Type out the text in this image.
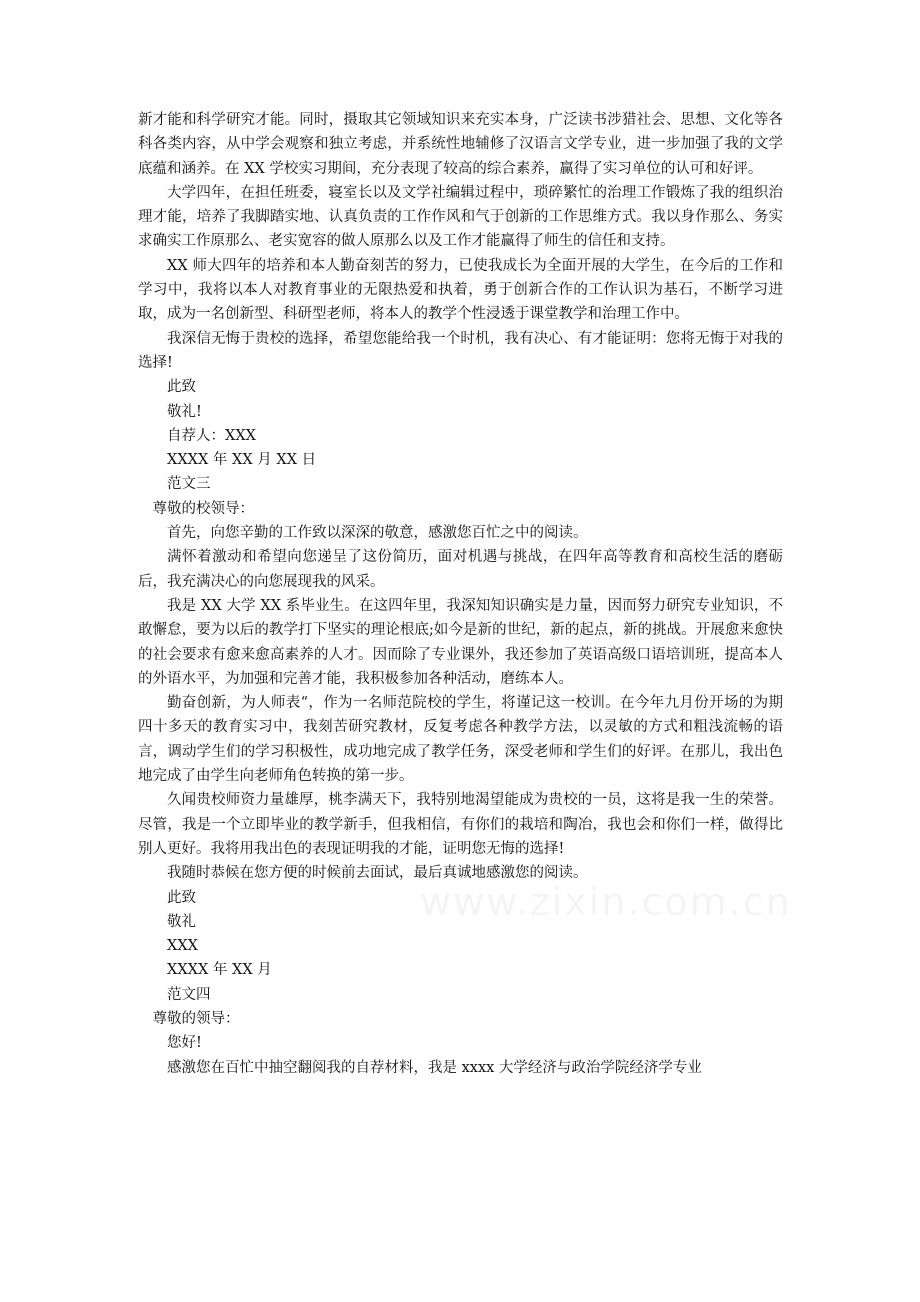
新才能和科学研究才能。同时，摄取其它领域知识来充实本身，广泛读书涉猎社会、思想、文化等各科各类内容，从中学会观察和独立考虑，并系统性地辅修了汉语言文学专业，进一步加强了我的文学底蕴和涵养。在 XX 学校实习期间，充分表现了较高的综合素养，赢得了实习单位的认可和好评。

大学四年，在担任班委，寝室长以及文学社编辑过程中，琐碎繁忙的治理工作锻炼了我的组织治理才能，培养了我脚踏实地、认真负责的工作作风和气于创新的工作思维方式。我以身作那么、务实求确实工作原那么、老实宽容的做人原那么以及工作才能赢得了师生的信任和支持。

XX 师大四年的培养和本人勤奋刻苦的努力，已使我成长为全面开展的大学生，在今后的工作和学习中，我将以本人对教育事业的无限热爱和执着，勇于创新合作的工作认识为基石，不断学习进取，成为一名创新型、科研型老师，将本人的教学个性浸透于课堂教学和治理工作中。

我深信无悔于贵校的选择，希望您能给我一个时机，我有决心、有才能证明：您将无悔于对我的选择!

此致

敬礼!

自荐人：XXX

XXXX 年 XX 月 XX 日

范文三

尊敬的校领导：

首先，向您辛勤的工作致以深深的敬意，感激您百忙之中的阅读。

满怀着激动和希望向您递呈了这份简历，面对机遇与挑战，在四年高等教育和高校生活的磨砺后，我充满决心的向您展现我的风采。

我是 XX 大学 XX 系毕业生。在这四年里，我深知知识确实是力量，因而努力研究专业知识，不敢懈怠，要为以后的教学打下坚实的理论根底;如今是新的世纪，新的起点，新的挑战。开展愈来愈快的社会要求有愈来愈高素养的人才。因而除了专业课外，我还参加了英语高级口语培训班，提高本人的外语水平，为加强和完善才能，我积极参加各种活动，磨练本人。

勤奋创新，为人师表“，作为一名师范院校的学生，将谨记这一校训。在今年九月份开场的为期四十多天的教育实习中，我刻苦研究教材，反复考虑各种教学方法，以灵敏的方式和粗浅流畅的语言，调动学生们的学习积极性，成功地完成了教学任务，深受老师和学生们的好评。在那儿，我出色地完成了由学生向老师角色转换的第一步。

久闻贵校师资力量雄厚，桃李满天下，我特别地渴望能成为贵校的一员，这将是我一生的荣誉。尽管，我是一个立即毕业的教学新手，但我相信，有你们的栽培和陶冶，我也会和你们一样，做得比别人更好。我将用我出色的表现证明我的才能，证明您无悔的选择!

我随时恭候在您方便的时候前去面试，最后真诚地感激您的阅读。

此致

敬礼

XXX

XXXX 年 XX 月

范文四

尊敬的领导：

您好!

感激您在百忙中抽空翻阅我的自荐材料，我是 xxxx 大学经济与政治学院经济学专业
